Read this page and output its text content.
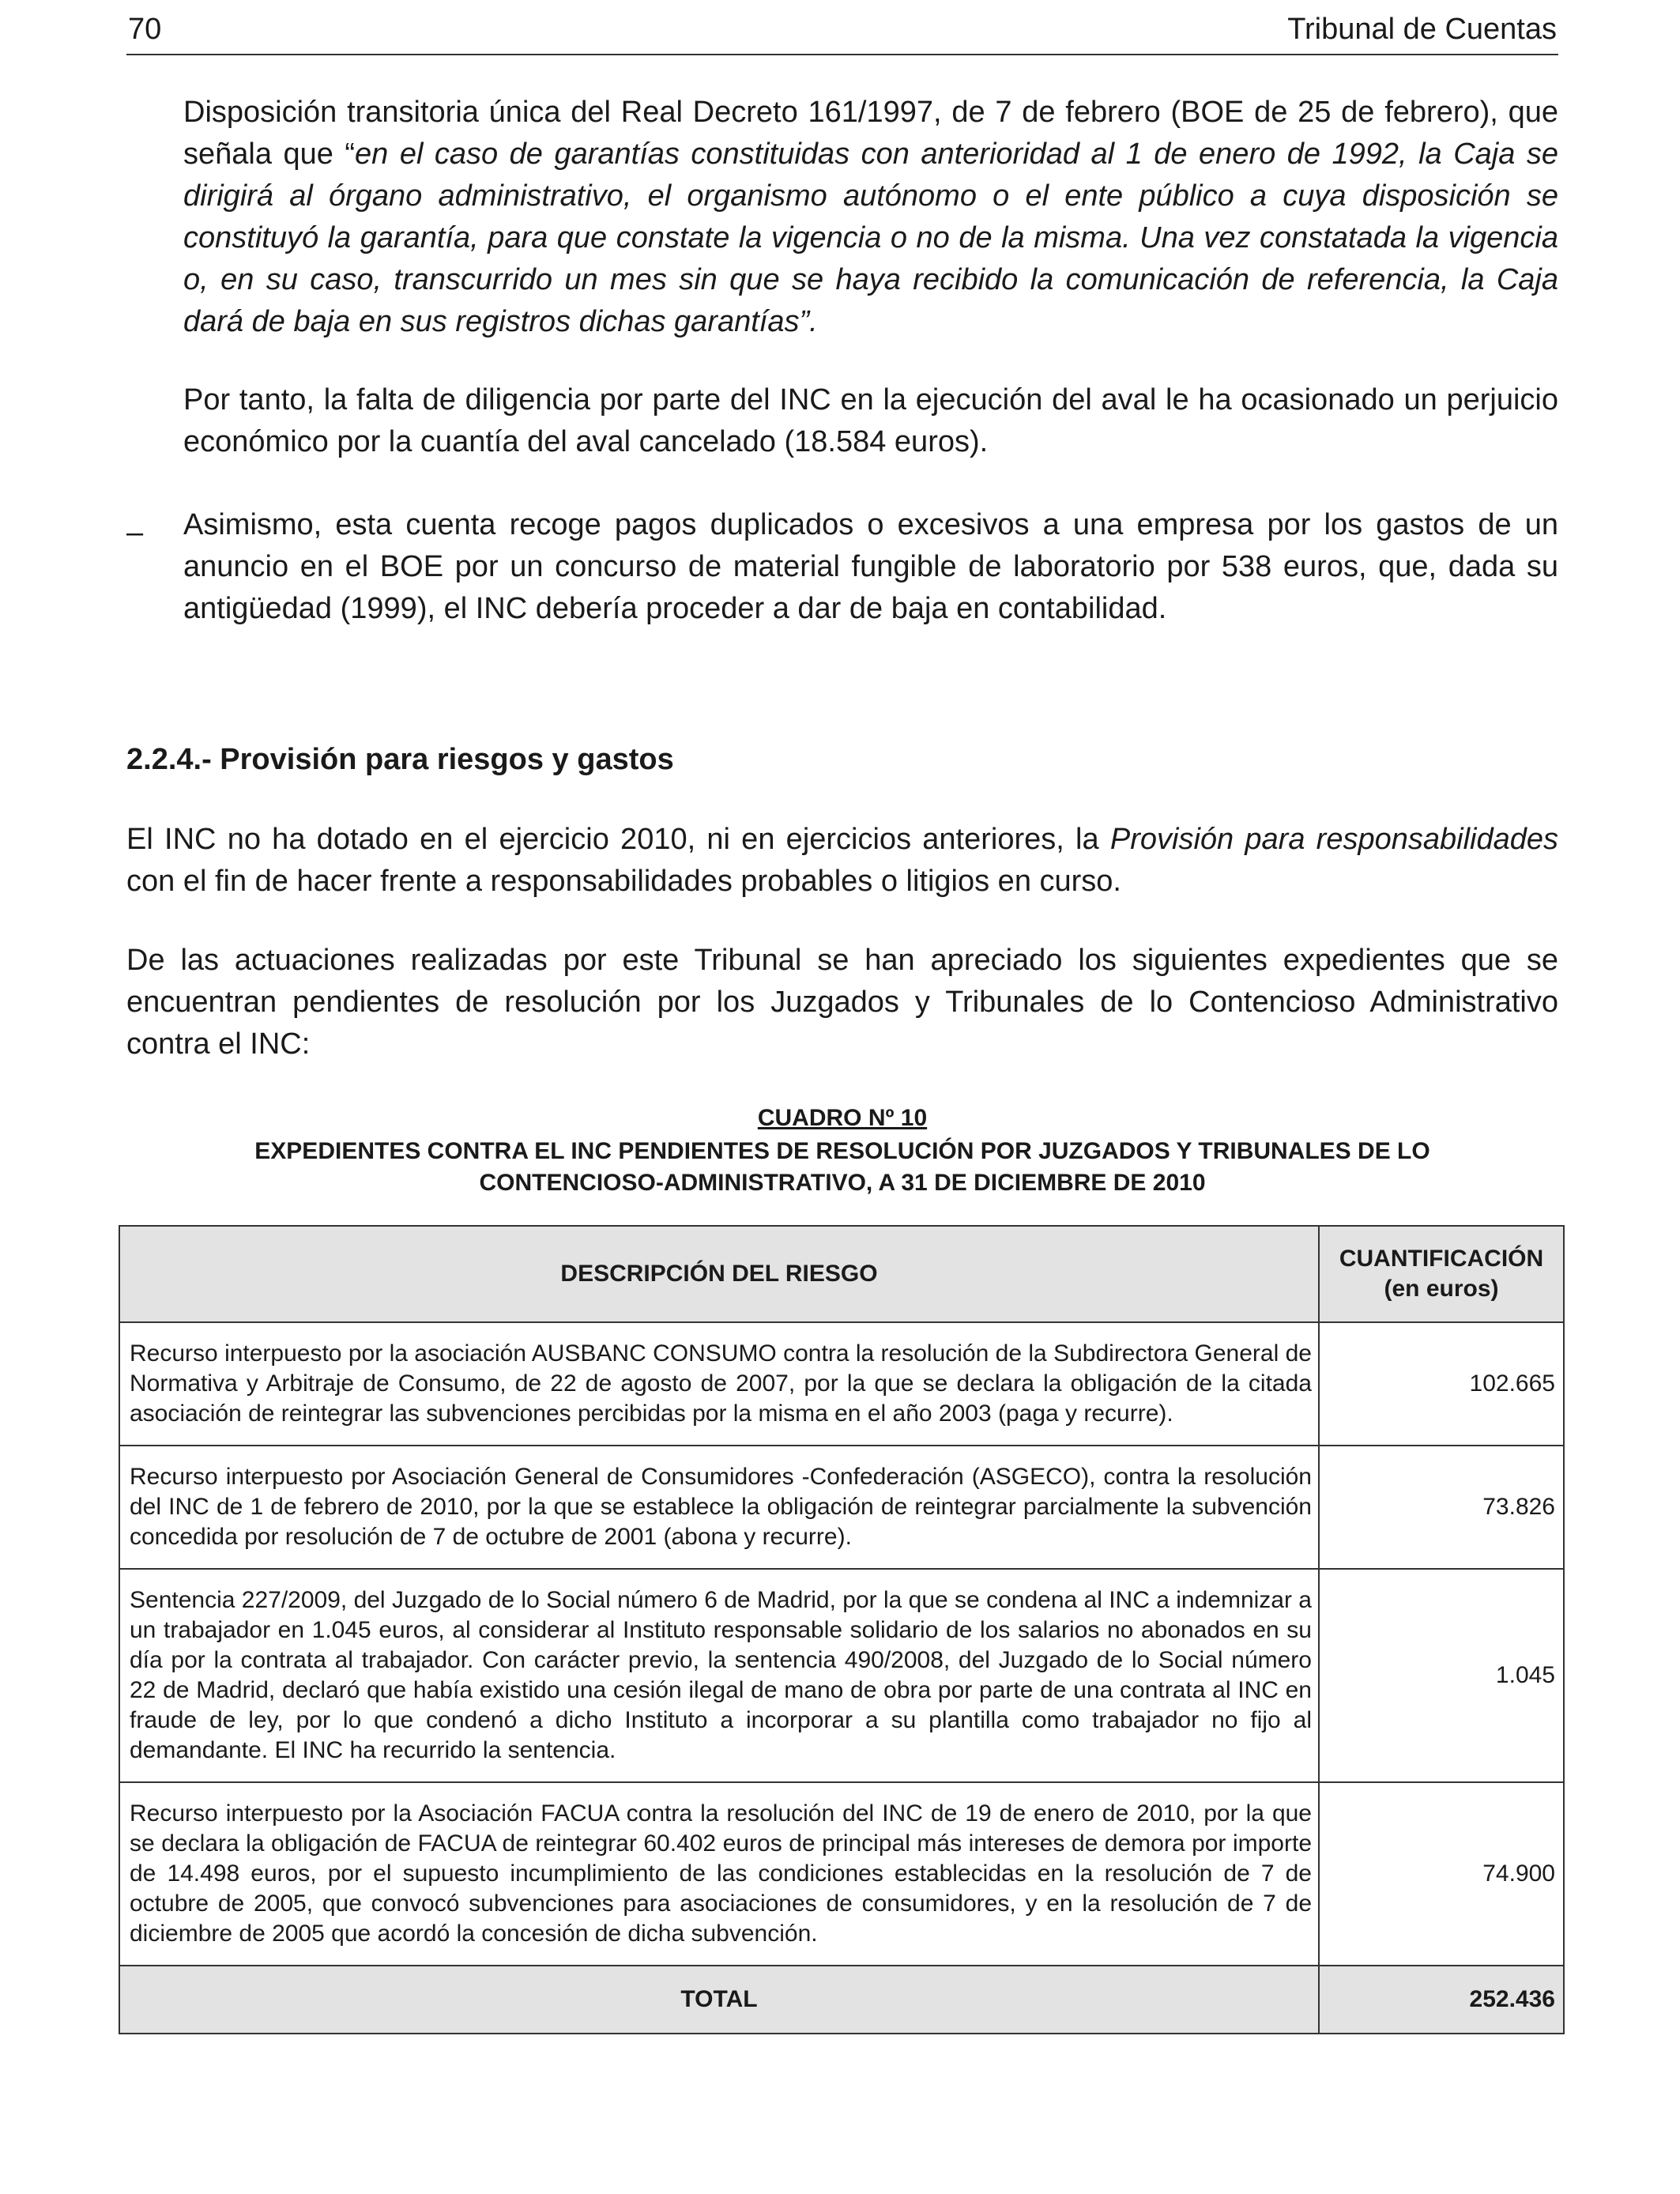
70	Tribunal de Cuentas

Disposición transitoria única del Real Decreto 161/1997, de 7 de febrero (BOE de 25 de febrero), que señala que “en el caso de garantías constituidas con anterioridad al 1 de enero de 1992, la Caja se dirigirá al órgano administrativo, el organismo autónomo o el ente público a cuya disposición se constituyó la garantía, para que constate la vigencia o no de la misma. Una vez constatada la vigencia o, en su caso, transcurrido un mes sin que se haya recibido la comunicación de referencia, la Caja dará de baja en sus registros dichas garantías”.

Por tanto, la falta de diligencia por parte del INC en la ejecución del aval le ha ocasionado un perjuicio económico por la cuantía del aval cancelado (18.584 euros).

– Asimismo, esta cuenta recoge pagos duplicados o excesivos a una empresa por los gastos de un anuncio en el BOE por un concurso de material fungible de laboratorio por 538 euros, que, dada su antigüedad (1999), el INC debería proceder a dar de baja en contabilidad.

2.2.4.- Provisión para riesgos y gastos

El INC no ha dotado en el ejercicio 2010, ni en ejercicios anteriores, la Provisión para responsabilidades con el fin de hacer frente a responsabilidades probables o litigios en curso.

De las actuaciones realizadas por este Tribunal se han apreciado los siguientes expedientes que se encuentran pendientes de resolución por los Juzgados y Tribunales de lo Contencioso Administrativo contra el INC:

CUADRO Nº 10

EXPEDIENTES CONTRA EL INC PENDIENTES DE RESOLUCIÓN POR JUZGADOS Y TRIBUNALES DE LO
CONTENCIOSO-ADMINISTRATIVO, A 31 DE DICIEMBRE DE 2010

DESCRIPCIÓN DEL RIESGO	CUANTIFICACIÓN
(en euros)
Recurso interpuesto por la asociación AUSBANC CONSUMO contra la resolución de la Subdirectora General de Normativa y Arbitraje de Consumo, de 22 de agosto de 2007, por la que se declara la obligación de la citada asociación de reintegrar las subvenciones percibidas por la misma en el año 2003 (paga y recurre).	102.665
Recurso interpuesto por Asociación General de Consumidores -Confederación (ASGECO), contra la resolución del INC de 1 de febrero de 2010, por la que se establece la obligación de reintegrar parcialmente la subvención concedida por resolución de 7 de octubre de 2001 (abona y recurre).	73.826
Sentencia 227/2009, del Juzgado de lo Social número 6 de Madrid, por la que se condena al INC a indemnizar a un trabajador en 1.045 euros, al considerar al Instituto responsable solidario de los salarios no abonados en su día por la contrata al trabajador. Con carácter previo, la sentencia 490/2008, del Juzgado de lo Social número 22 de Madrid, declaró que había existido una cesión ilegal de mano de obra por parte de una contrata al INC en fraude de ley, por lo que condenó a dicho Instituto a incorporar a su plantilla como trabajador no fijo al demandante. El INC ha recurrido la sentencia.	1.045
Recurso interpuesto por la Asociación FACUA contra la resolución del INC de 19 de enero de 2010, por la que se declara la obligación de FACUA de reintegrar 60.402 euros de principal más intereses de demora por importe de 14.498 euros, por el supuesto incumplimiento de las condiciones establecidas en la resolución de 7 de octubre de 2005, que convocó subvenciones para asociaciones de consumidores, y en la resolución de 7 de diciembre de 2005 que acordó la concesión de dicha subvención.	74.900
TOTAL	252.436
